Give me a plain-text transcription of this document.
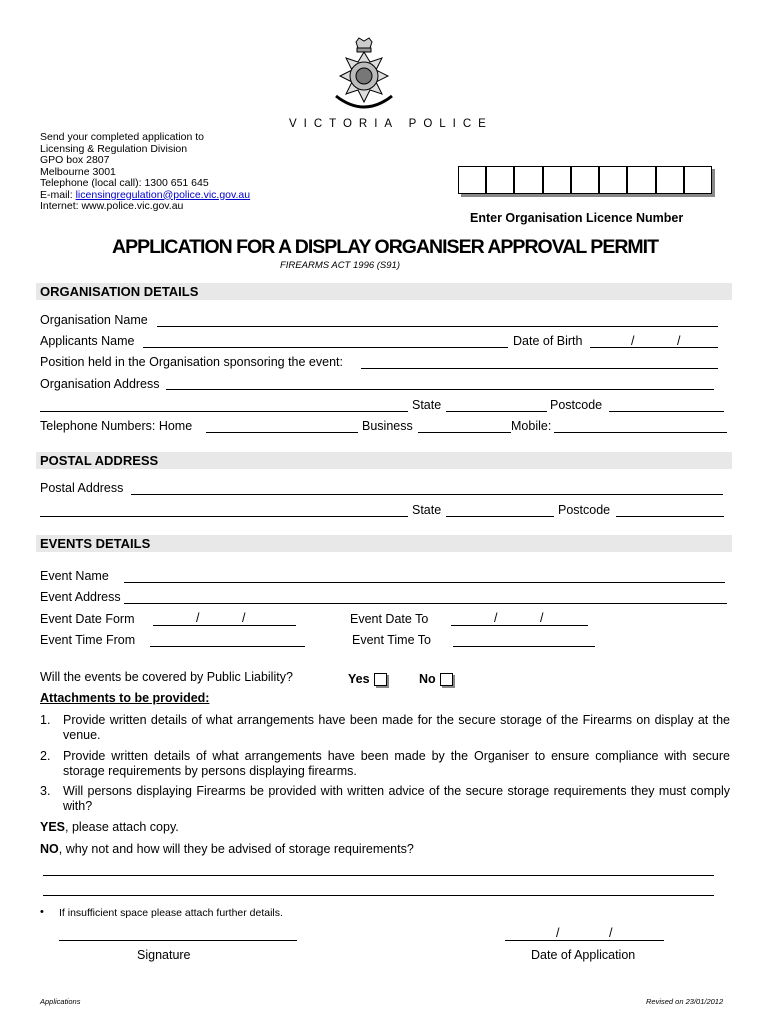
VICTORIA POLICE
Send your completed application to
Licensing & Regulation Division
GPO box 2807
Melbourne 3001
Telephone (local call): 1300 651 645
E-mail: licensingregulation@police.vic.gov.au
Internet: www.police.vic.gov.au
Enter Organisation Licence Number
APPLICATION FOR A DISPLAY ORGANISER APPROVAL PERMIT
FIREARMS ACT 1996 (S91)
ORGANISATION DETAILS
Organisation Name
Applicants Name	Date of Birth	/	/
Position held in the Organisation sponsoring the event:
Organisation Address
State	Postcode
Telephone Numbers: Home	Business	Mobile:
POSTAL ADDRESS
Postal Address
State	Postcode
EVENTS DETAILS
Event Name
Event Address
Event Date Form	/	/	Event Date To	/	/
Event Time From	Event Time To
Will the events be covered by Public Liability?	Yes	No
Attachments to be provided:
1. Provide written details of what arrangements have been made for the secure storage of the Firearms on display at the venue.
2. Provide written details of what arrangements have been made by the Organiser to ensure compliance with secure storage requirements by persons displaying firearms.
3. Will persons displaying Firearms be provided with written advice of the secure storage requirements they must comply with?
YES, please attach copy.
NO, why not and how will they be advised of storage requirements?
• If insufficient space please attach further details.
Signature
/	/
Date of Application
Applications	Revised on 23/01/2012
